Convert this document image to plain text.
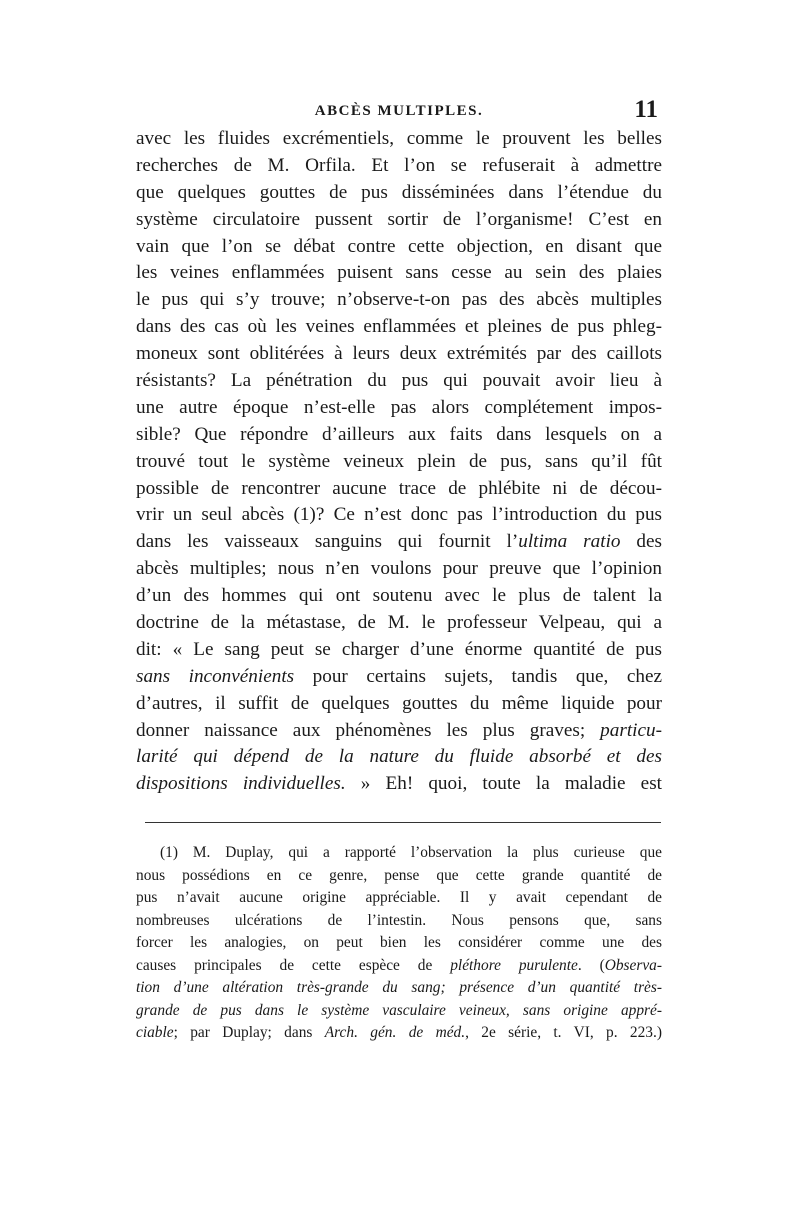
ABCÈS MULTIPLES.	11
avec les fluides excrémentiels, comme le prouvent les belles
recherches de M. Orfila. Et l’on se refuserait à admettre
que quelques gouttes de pus disséminées dans l’étendue du
système circulatoire pussent sortir de l’organisme! C’est en
vain que l’on se débat contre cette objection, en disant que
les veines enflammées puisent sans cesse au sein des plaies
le pus qui s’y trouve; n’observe-t-on pas des abcès multiples
dans des cas où les veines enflammées et pleines de pus phleg-
moneux sont oblitérées à leurs deux extrémités par des caillots
résistants? La pénétration du pus qui pouvait avoir lieu à
une autre époque n’est-elle pas alors complétement impos-
sible? Que répondre d’ailleurs aux faits dans lesquels on a
trouvé tout le système veineux plein de pus, sans qu’il fût
possible de rencontrer aucune trace de phlébite ni de décou-
vrir un seul abcès (1)? Ce n’est donc pas l’introduction du pus
dans les vaisseaux sanguins qui fournit l’ultima ratio des
abcès multiples; nous n’en voulons pour preuve que l’opinion
d’un des hommes qui ont soutenu avec le plus de talent la
doctrine de la métastase, de M. le professeur Velpeau, qui a
dit: « Le sang peut se charger d’une énorme quantité de pus
sans inconvénients pour certains sujets, tandis que, chez
d’autres, il suffit de quelques gouttes du même liquide pour
donner naissance aux phénomènes les plus graves; particu-
larité qui dépend de la nature du fluide absorbé et des
dispositions individuelles. » Eh! quoi, toute la maladie est
(1) M. Duplay, qui a rapporté l’observation la plus curieuse que
nous possédions en ce genre, pense que cette grande quantité de
pus n’avait aucune origine appréciable. Il y avait cependant de
nombreuses ulcérations de l’intestin. Nous pensons que, sans
forcer les analogies, on peut bien les considérer comme une des
causes principales de cette espèce de pléthore purulente. (Observa-
tion d’une altération très-grande du sang; présence d’un quantité très-
grande de pus dans le système vasculaire veineux, sans origine appré-
ciable; par Duplay; dans Arch. gén. de méd., 2e série, t. VI, p. 223.)
